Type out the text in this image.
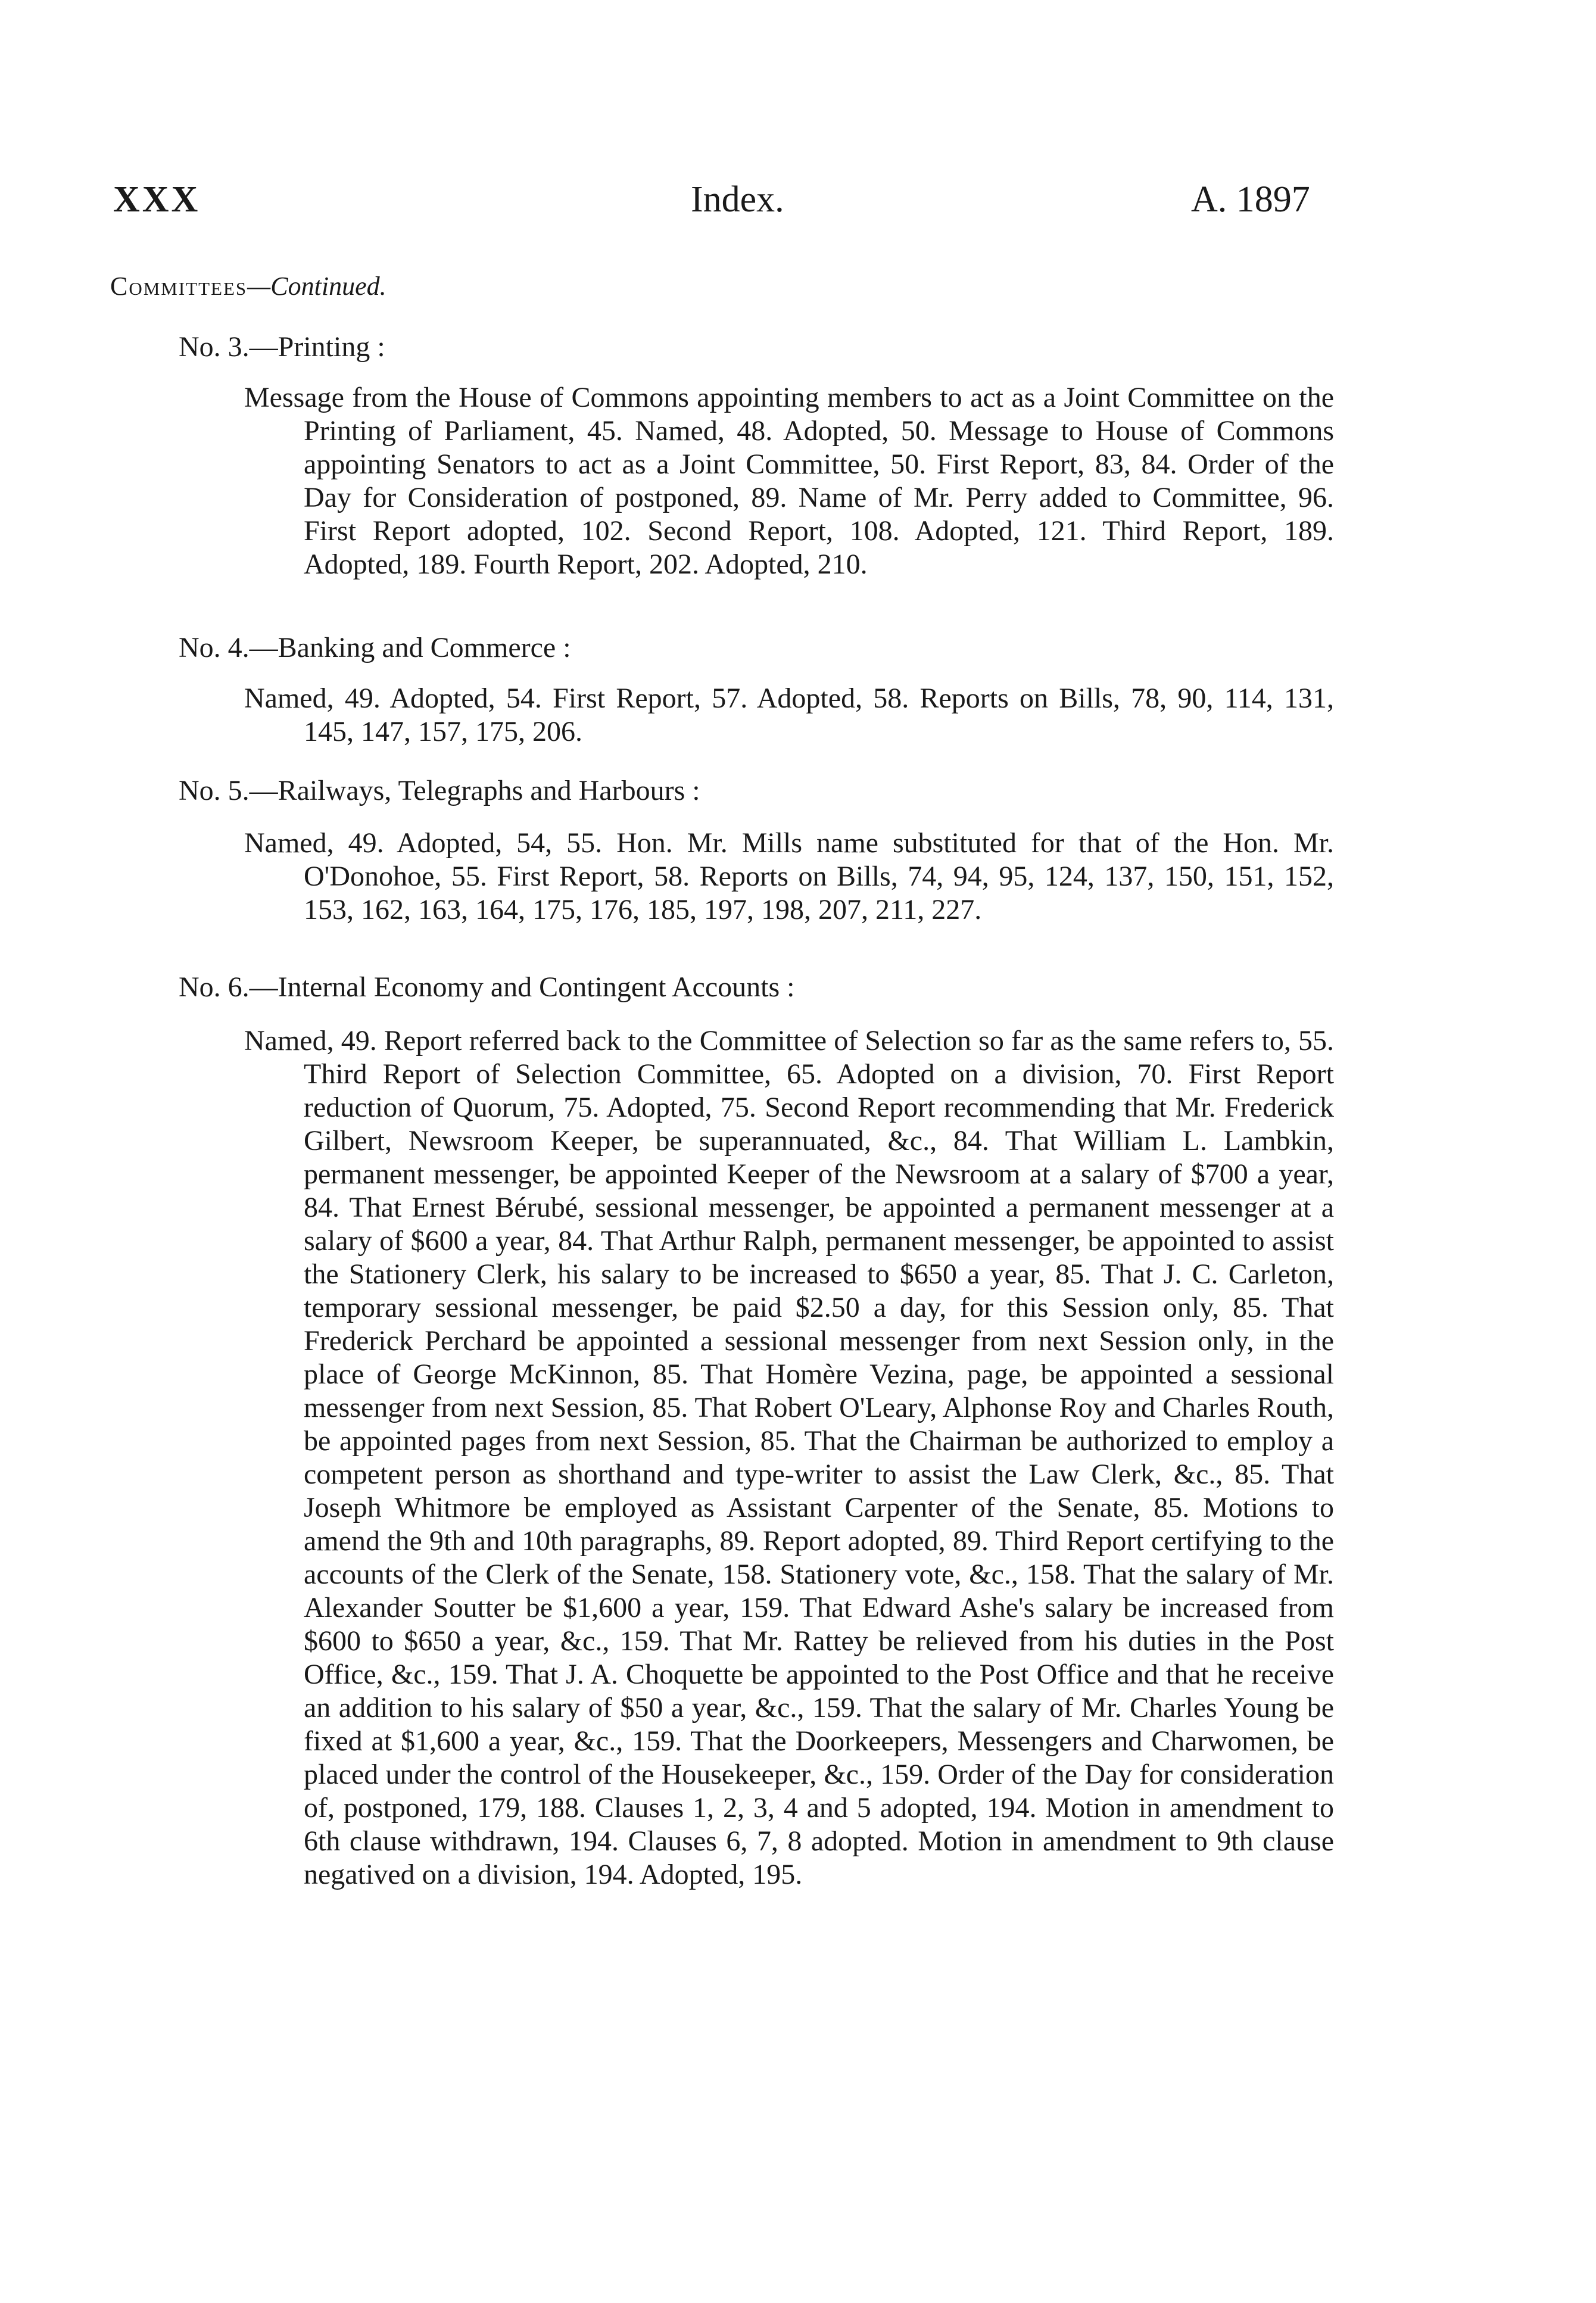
XXX	Index.	A. 1897
Committees—Continued.
No. 3.—Printing :
Message from the House of Commons appointing members to act as a Joint Committee on the Printing of Parliament, 45. Named, 48. Adopted, 50. Message to House of Commons appointing Senators to act as a Joint Committee, 50. First Report, 83, 84. Order of the Day for Consideration of postponed, 89. Name of Mr. Perry added to Committee, 96. First Report adopted, 102. Second Report, 108. Adopted, 121. Third Report, 189. Adopted, 189. Fourth Report, 202. Adopted, 210.
No. 4.—Banking and Commerce :
Named, 49. Adopted, 54. First Report, 57. Adopted, 58. Reports on Bills, 78, 90, 114, 131, 145, 147, 157, 175, 206.
No. 5.—Railways, Telegraphs and Harbours :
Named, 49. Adopted, 54, 55. Hon. Mr. Mills name substituted for that of the Hon. Mr. O'Donohoe, 55. First Report, 58. Reports on Bills, 74, 94, 95, 124, 137, 150, 151, 152, 153, 162, 163, 164, 175, 176, 185, 197, 198, 207, 211, 227.
No. 6.—Internal Economy and Contingent Accounts :
Named, 49. Report referred back to the Committee of Selection so far as the same refers to, 55. Third Report of Selection Committee, 65. Adopted on a division, 70. First Report reduction of Quorum, 75. Adopted, 75. Second Report recommending that Mr. Frederick Gilbert, Newsroom Keeper, be superannuated, &c., 84. That William L. Lambkin, permanent messenger, be appointed Keeper of the Newsroom at a salary of $700 a year, 84. That Ernest Bérubé, sessional messenger, be appointed a permanent messenger at a salary of $600 a year, 84. That Arthur Ralph, permanent messenger, be appointed to assist the Stationery Clerk, his salary to be increased to $650 a year, 85. That J. C. Carleton, temporary sessional messenger, be paid $2.50 a day, for this Session only, 85. That Frederick Perchard be appointed a sessional messenger from next Session only, in the place of George McKinnon, 85. That Homère Vezina, page, be appointed a sessional messenger from next Session, 85. That Robert O'Leary, Alphonse Roy and Charles Routh, be appointed pages from next Session, 85. That the Chairman be authorized to employ a competent person as shorthand and type-writer to assist the Law Clerk, &c., 85. That Joseph Whitmore be employed as Assistant Carpenter of the Senate, 85. Motions to amend the 9th and 10th paragraphs, 89. Report adopted, 89. Third Report certifying to the accounts of the Clerk of the Senate, 158. Stationery vote, &c., 158. That the salary of Mr. Alexander Soutter be $1,600 a year, 159. That Edward Ashe's salary be increased from $600 to $650 a year, &c., 159. That Mr. Rattey be relieved from his duties in the Post Office, &c., 159. That J. A. Choquette be appointed to the Post Office and that he receive an addition to his salary of $50 a year, &c., 159. That the salary of Mr. Charles Young be fixed at $1,600 a year, &c., 159. That the Doorkeepers, Messengers and Charwomen, be placed under the control of the Housekeeper, &c., 159. Order of the Day for consideration of, postponed, 179, 188. Clauses 1, 2, 3, 4 and 5 adopted, 194. Motion in amendment to 6th clause withdrawn, 194. Clauses 6, 7, 8 adopted. Motion in amendment to 9th clause negatived on a division, 194. Adopted, 195.
